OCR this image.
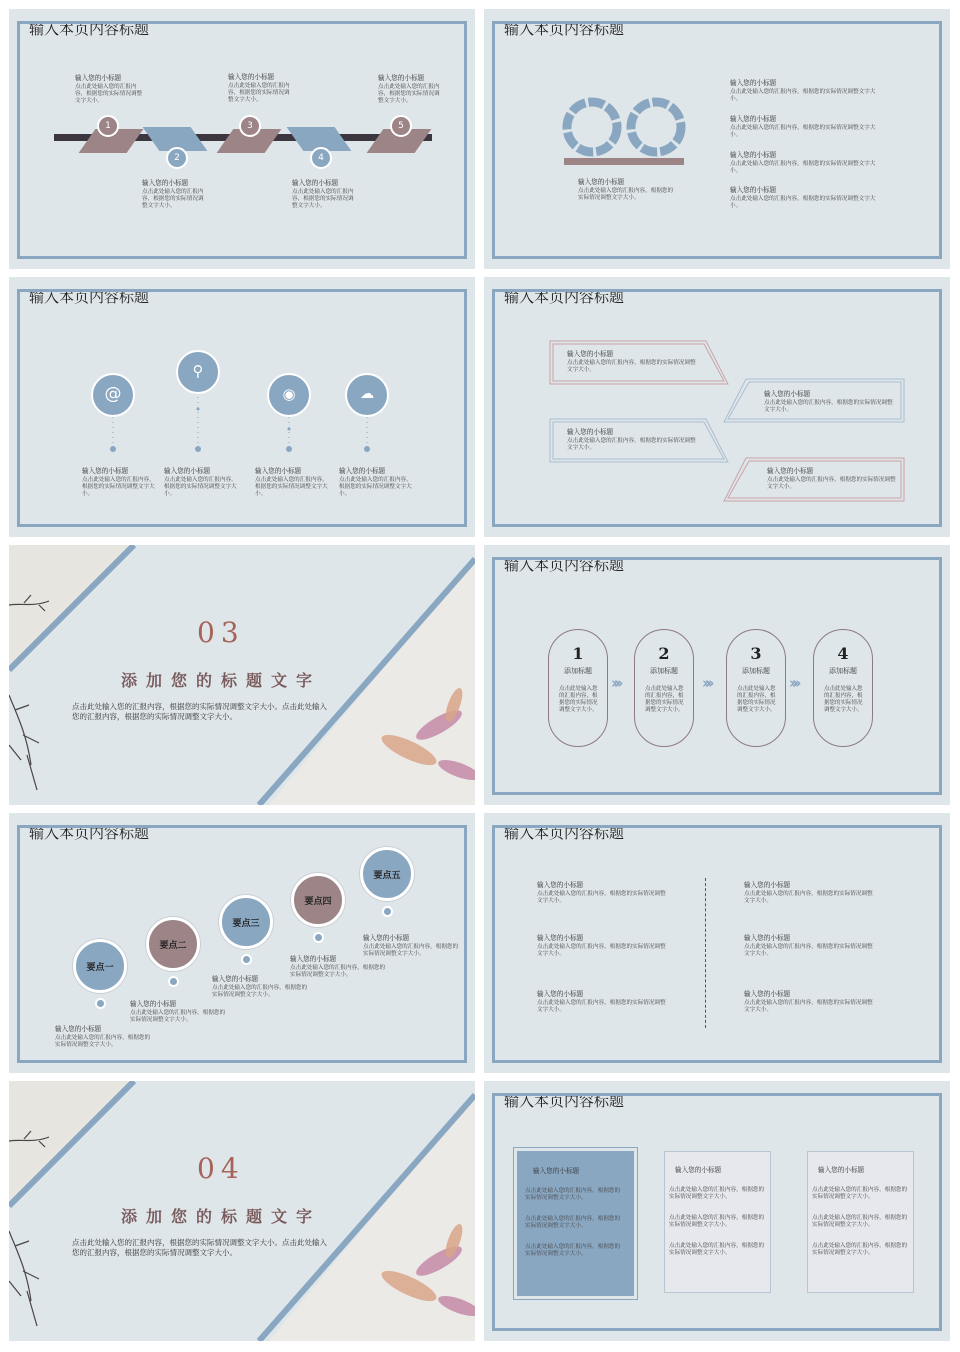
输入本页内容标题
1
2
3
4
5
输入您的小标题
点击此处输入您的汇报内容，根据您的实际情况调整文字大小。
输入您的小标题
点击此处输入您的汇报内容，根据您的实际情况调整文字大小。
输入您的小标题
点击此处输入您的汇报内容，根据您的实际情况调整文字大小。
输入您的小标题
点击此处输入您的汇报内容，根据您的实际情况调整文字大小。
输入您的小标题
点击此处输入您的汇报内容，根据您的实际情况调整文字大小。
输入本页内容标题
输入您的小标题
点击此处输入您的汇报内容，根据您的实际情况调整文字大小。
输入您的小标题
点击此处输入您的汇报内容，根据您的实际情况调整文字大小。
输入您的小标题
点击此处输入您的汇报内容，根据您的实际情况调整文字大小。
输入您的小标题
点击此处输入您的汇报内容，根据您的实际情况调整文字大小。
输入您的小标题
点击此处输入您的汇报内容，根据您的实际情况调整文字大小。
输入本页内容标题
@
⚲
◉	☁
输入您的小标题
点击此处输入您的汇报内容，根据您的实际情况调整文字大小。
输入您的小标题
点击此处输入您的汇报内容，根据您的实际情况调整文字大小。
输入您的小标题
点击此处输入您的汇报内容，根据您的实际情况调整文字大小。
输入您的小标题
点击此处输入您的汇报内容，根据您的实际情况调整文字大小。
输入本页内容标题
输入您的小标题
点击此处输入您的汇报内容，根据您的实际情况调整文字大小。
输入您的小标题
点击此处输入您的汇报内容，根据您的实际情况调整文字大小。
输入您的小标题
点击此处输入您的汇报内容，根据您的实际情况调整文字大小。
输入您的小标题
点击此处输入您的汇报内容，根据您的实际情况调整文字大小。
03
添加您的标题文字
点击此处输入您的汇报内容，根据您的实际情况调整文字大小。点击此处输入您的汇报内容，根据您的实际情况调整文字大小。
输入本页内容标题
1
添加标题
点击此处输入您的汇报内容，根据您的实际情况调整文字大小。
»»
2
添加标题
点击此处输入您的汇报内容，根据您的实际情况调整文字大小。
»»
3
添加标题
点击此处输入您的汇报内容，根据您的实际情况调整文字大小。
»»
4
添加标题
点击此处输入您的汇报内容，根据您的实际情况调整文字大小。
输入本页内容标题
要点一
要点二
要点三
要点四
要点五
输入您的小标题
点击此处输入您的汇报内容，根据您的实际情况调整文字大小。
输入您的小标题
点击此处输入您的汇报内容，根据您的实际情况调整文字大小。
输入您的小标题
点击此处输入您的汇报内容，根据您的实际情况调整文字大小。
输入您的小标题
点击此处输入您的汇报内容，根据您的实际情况调整文字大小。
输入您的小标题
点击此处输入您的汇报内容，根据您的实际情况调整文字大小。
输入本页内容标题
输入您的小标题
点击此处输入您的汇报内容，根据您的实际情况调整文字大小。
输入您的小标题
点击此处输入您的汇报内容，根据您的实际情况调整文字大小。
输入您的小标题
点击此处输入您的汇报内容，根据您的实际情况调整文字大小。
输入您的小标题
点击此处输入您的汇报内容，根据您的实际情况调整文字大小。
输入您的小标题
点击此处输入您的汇报内容，根据您的实际情况调整文字大小。
输入您的小标题
点击此处输入您的汇报内容，根据您的实际情况调整文字大小。
04
添加您的标题文字
点击此处输入您的汇报内容，根据您的实际情况调整文字大小。点击此处输入您的汇报内容，根据您的实际情况调整文字大小。
输入本页内容标题
输入您的小标题
点击此处输入您的汇报内容，根据您的实际情况调整文字大小。
点击此处输入您的汇报内容，根据您的实际情况调整文字大小。
点击此处输入您的汇报内容，根据您的实际情况调整文字大小。
输入您的小标题
点击此处输入您的汇报内容，根据您的实际情况调整文字大小。
点击此处输入您的汇报内容，根据您的实际情况调整文字大小。
点击此处输入您的汇报内容，根据您的实际情况调整文字大小。
输入您的小标题
点击此处输入您的汇报内容，根据您的实际情况调整文字大小。
点击此处输入您的汇报内容，根据您的实际情况调整文字大小。
点击此处输入您的汇报内容，根据您的实际情况调整文字大小。
